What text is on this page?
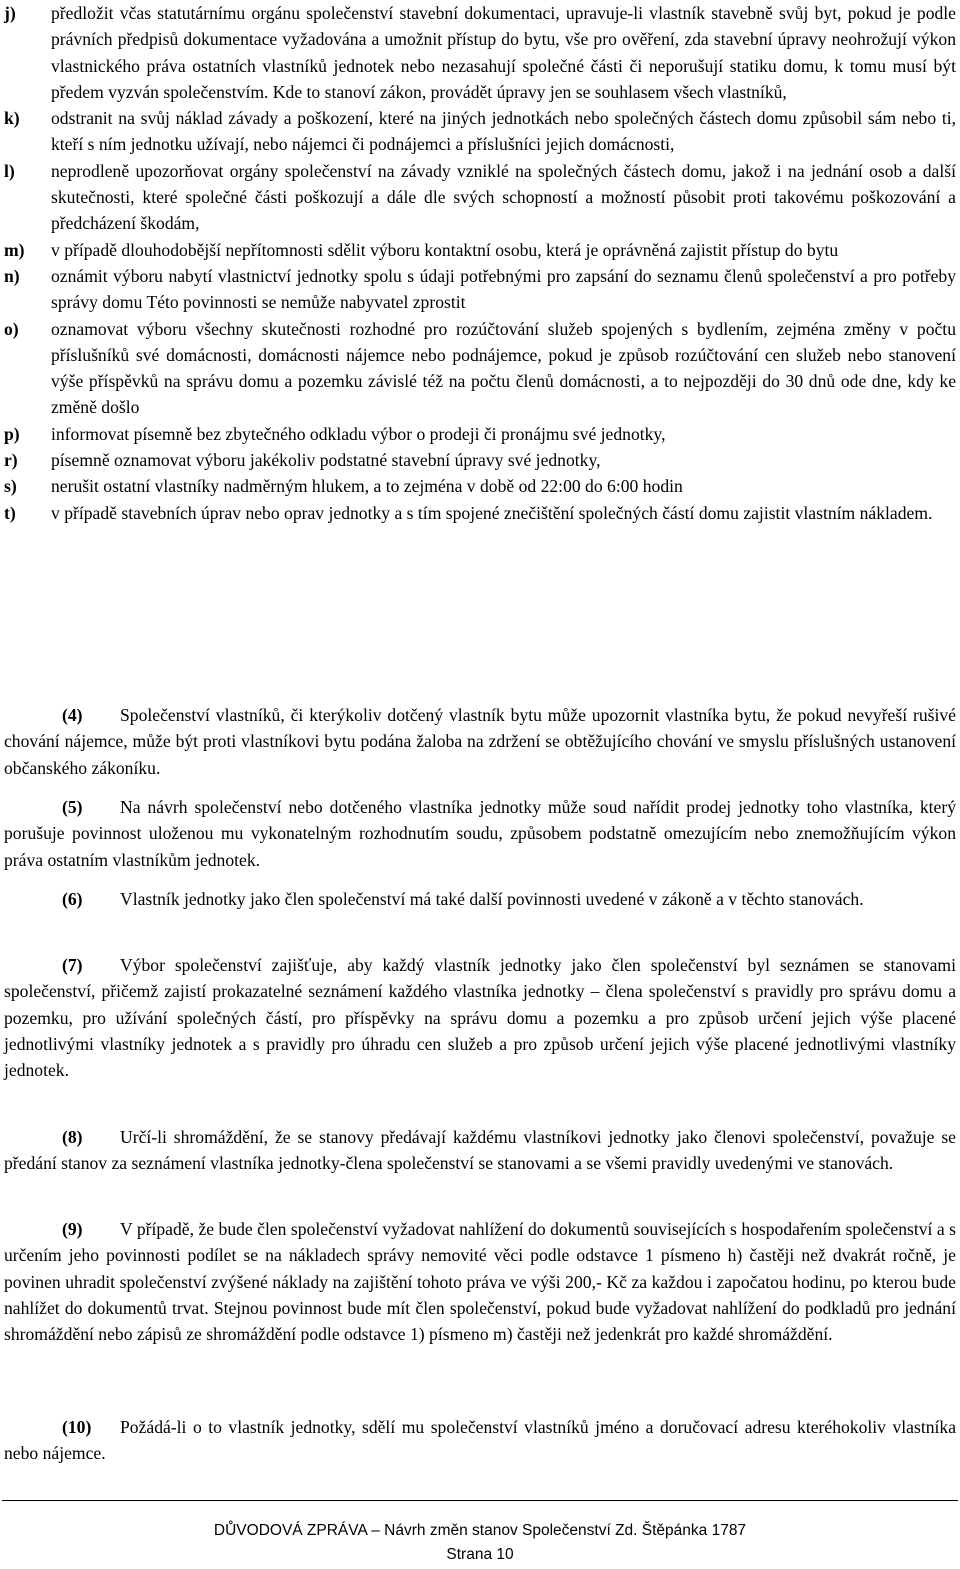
j)	předložit včas statutárnímu orgánu společenství stavební dokumentaci, upravuje-li vlastník stavebně svůj byt, pokud je podle právních předpisů dokumentace vyžadována a umožnit přístup do bytu, vše pro ověření, zda stavební úpravy neohrožují výkon vlastnického práva ostatních vlastníků jednotek nebo nezasahují společné části či neporušují statiku domu, k tomu musí být předem vyzván společenstvím. Kde to stanoví zákon, provádět úpravy jen se souhlasem všech vlastníků,
k)	odstranit na svůj náklad závady a poškození, které na jiných jednotkách nebo společných částech domu způsobil sám nebo ti, kteří s ním jednotku užívají, nebo nájemci či podnájemci a příslušníci jejich domácnosti,
l)	neprodleně upozorňovat orgány společenství na závady vzniklé na společných částech domu, jakož i na jednání osob a další skutečnosti, které společné části poškozují a dále dle svých schopností a možností působit proti takovému poškozování a předcházení škodám,
m)	v případě dlouhodobější nepřítomnosti sdělit výboru kontaktní osobu, která je oprávněná zajistit přístup do bytu
n)	oznámit výboru nabytí vlastnictví jednotky spolu s údaji potřebnými pro zapsání do seznamu členů společenství a pro potřeby správy domu Této povinnosti se nemůže nabyvatel zprostit
o)	oznamovat výboru všechny skutečnosti rozhodné pro rozúčtování služeb spojených s bydlením, zejména změny v počtu příslušníků své domácnosti, domácnosti nájemce nebo podnájemce, pokud je způsob rozúčtování cen služeb nebo stanovení výše příspěvků na správu domu a pozemku závislé též na počtu členů domácnosti, a to nejpozději do 30 dnů ode dne, kdy ke změně došlo
p)	informovat písemně bez zbytečného odkladu výbor o prodeji či pronájmu své jednotky,
r)	písemně oznamovat výboru jakékoliv podstatné stavební úpravy své jednotky,
s)	nerušit ostatní vlastníky nadměrným hlukem, a to zejména v době od 22:00 do 6:00 hodin
t)	v případě stavebních úprav nebo oprav jednotky a s tím spojené znečištění společných částí domu zajistit vlastním nákladem.
(4) Společenství vlastníků, či kterýkoliv dotčený vlastník bytu může upozornit vlastníka bytu, že pokud nevyřeší rušivé chování nájemce, může být proti vlastníkovi bytu podána žaloba na zdržení se obtěžujícího chování ve smyslu příslušných ustanovení občanského zákoníku.
(5) Na návrh společenství nebo dotčeného vlastníka jednotky může soud nařídit prodej jednotky toho vlastníka, který porušuje povinnost uloženou mu vykonatelným rozhodnutím soudu, způsobem podstatně omezujícím nebo znemožňujícím výkon práva ostatním vlastníkům jednotek.
(6) Vlastník jednotky jako člen společenství má také další povinnosti uvedené v zákoně a v těchto stanovách.
(7) Výbor společenství zajišťuje, aby každý vlastník jednotky jako člen společenství byl seznámen se stanovami společenství, přičemž zajistí prokazatelné seznámení každého vlastníka jednotky – člena společenství s pravidly pro správu domu a pozemku, pro užívání společných částí, pro příspěvky na správu domu a pozemku a pro způsob určení jejich výše placené jednotlivými vlastníky jednotek a s pravidly pro úhradu cen služeb a pro způsob určení jejich výše placené jednotlivými vlastníky jednotek.
(8) Určí-li shromáždění, že se stanovy předávají každému vlastníkovi jednotky jako členovi společenství, považuje se předání stanov za seznámení vlastníka jednotky-člena společenství se stanovami a se všemi pravidly uvedenými ve stanovách.
(9) V případě, že bude člen společenství vyžadovat nahlížení do dokumentů souvisejících s hospodařením společenství a s určením jeho povinnosti podílet se na nákladech správy nemovité věci podle odstavce 1 písmeno h) častěji než dvakrát ročně, je povinen uhradit společenství zvýšené náklady na zajištění tohoto práva ve výši 200,- Kč za každou i započatou hodinu, po kterou bude nahlížet do dokumentů trvat. Stejnou povinnost bude mít člen společenství, pokud bude vyžadovat nahlížení do podkladů pro jednání shromáždění nebo zápisů ze shromáždění podle odstavce 1) písmeno m) častěji než jedenkrát pro každé shromáždění.
(10) Požádá-li o to vlastník jednotky, sdělí mu společenství vlastníků jméno a doručovací adresu kteréhokoliv vlastníka nebo nájemce.
DŮVODOVÁ ZPRÁVA – Návrh změn stanov Společenství Zd. Štěpánka 1787
Strana 10
